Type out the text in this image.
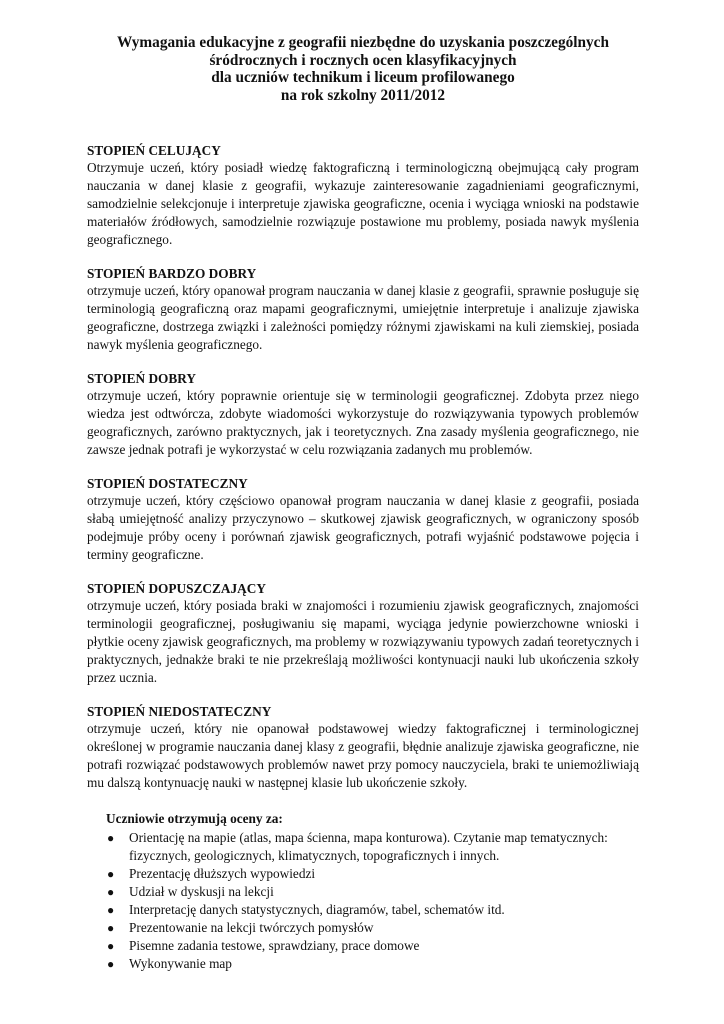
Wymagania edukacyjne z geografii niezbędne do uzyskania poszczególnych
śródrocznych i rocznych ocen klasyfikacyjnych
dla uczniów technikum i liceum profilowanego
na rok szkolny 2011/2012

STOPIEŃ CELUJĄCY

Otrzymuje uczeń, który posiadł wiedzę faktograficzną i terminologiczną obejmującą cały program nauczania w danej klasie z geografii, wykazuje zainteresowanie zagadnieniami geograficznymi, samodzielnie selekcjonuje i interpretuje zjawiska geograficzne, ocenia i wyciąga wnioski na podstawie materiałów źródłowych, samodzielnie rozwiązuje postawione mu problemy, posiada nawyk myślenia geograficznego.

STOPIEŃ BARDZO DOBRY

otrzymuje uczeń, który opanował program nauczania w danej klasie z geografii, sprawnie posługuje się terminologią geograficzną oraz mapami geograficznymi, umiejętnie interpretuje i analizuje zjawiska geograficzne, dostrzega związki i zależności pomiędzy różnymi zjawiskami na kuli ziemskiej, posiada nawyk myślenia geograficznego.

STOPIEŃ DOBRY

otrzymuje uczeń, który poprawnie orientuje się w terminologii geograficznej. Zdobyta przez niego wiedza jest odtwórcza, zdobyte wiadomości wykorzystuje do rozwiązywania typowych problemów geograficznych, zarówno praktycznych, jak i teoretycznych. Zna zasady myślenia geograficznego, nie zawsze jednak potrafi je wykorzystać w celu rozwiązania zadanych mu problemów.

STOPIEŃ DOSTATECZNY

otrzymuje uczeń, który częściowo opanował program nauczania w danej klasie z geografii, posiada słabą umiejętność analizy przyczynowo – skutkowej zjawisk geograficznych, w ograniczony sposób podejmuje próby oceny i porównań zjawisk geograficznych, potrafi wyjaśnić podstawowe pojęcia i terminy geograficzne.

STOPIEŃ DOPUSZCZAJĄCY

otrzymuje uczeń, który posiada braki w znajomości i rozumieniu zjawisk geograficznych, znajomości terminologii geograficznej, posługiwaniu się mapami, wyciąga jedynie powierzchowne wnioski i płytkie oceny zjawisk geograficznych, ma problemy w rozwiązywaniu typowych zadań teoretycznych i praktycznych, jednakże braki te nie przekreślają możliwości kontynuacji nauki lub ukończenia szkoły przez ucznia.

STOPIEŃ NIEDOSTATECZNY

otrzymuje uczeń, który nie opanował podstawowej wiedzy faktograficznej i terminologicznej określonej w programie nauczania danej klasy z geografii, błędnie analizuje zjawiska geograficzne, nie potrafi rozwiązać podstawowych problemów nawet przy pomocy nauczyciela, braki te uniemożliwiają mu dalszą kontynuację nauki w następnej klasie lub ukończenie szkoły.

Uczniowie otrzymują oceny za:

● Orientację na mapie (atlas, mapa ścienna, mapa konturowa). Czytanie map tematycznych: fizycznych, geologicznych, klimatycznych, topograficznych i innych.
● Prezentację dłuższych wypowiedzi
● Udział w dyskusji na lekcji
● Interpretację danych statystycznych, diagramów, tabel, schematów itd.
● Prezentowanie na lekcji twórczych pomysłów
● Pisemne zadania testowe, sprawdziany, prace domowe
● Wykonywanie map
